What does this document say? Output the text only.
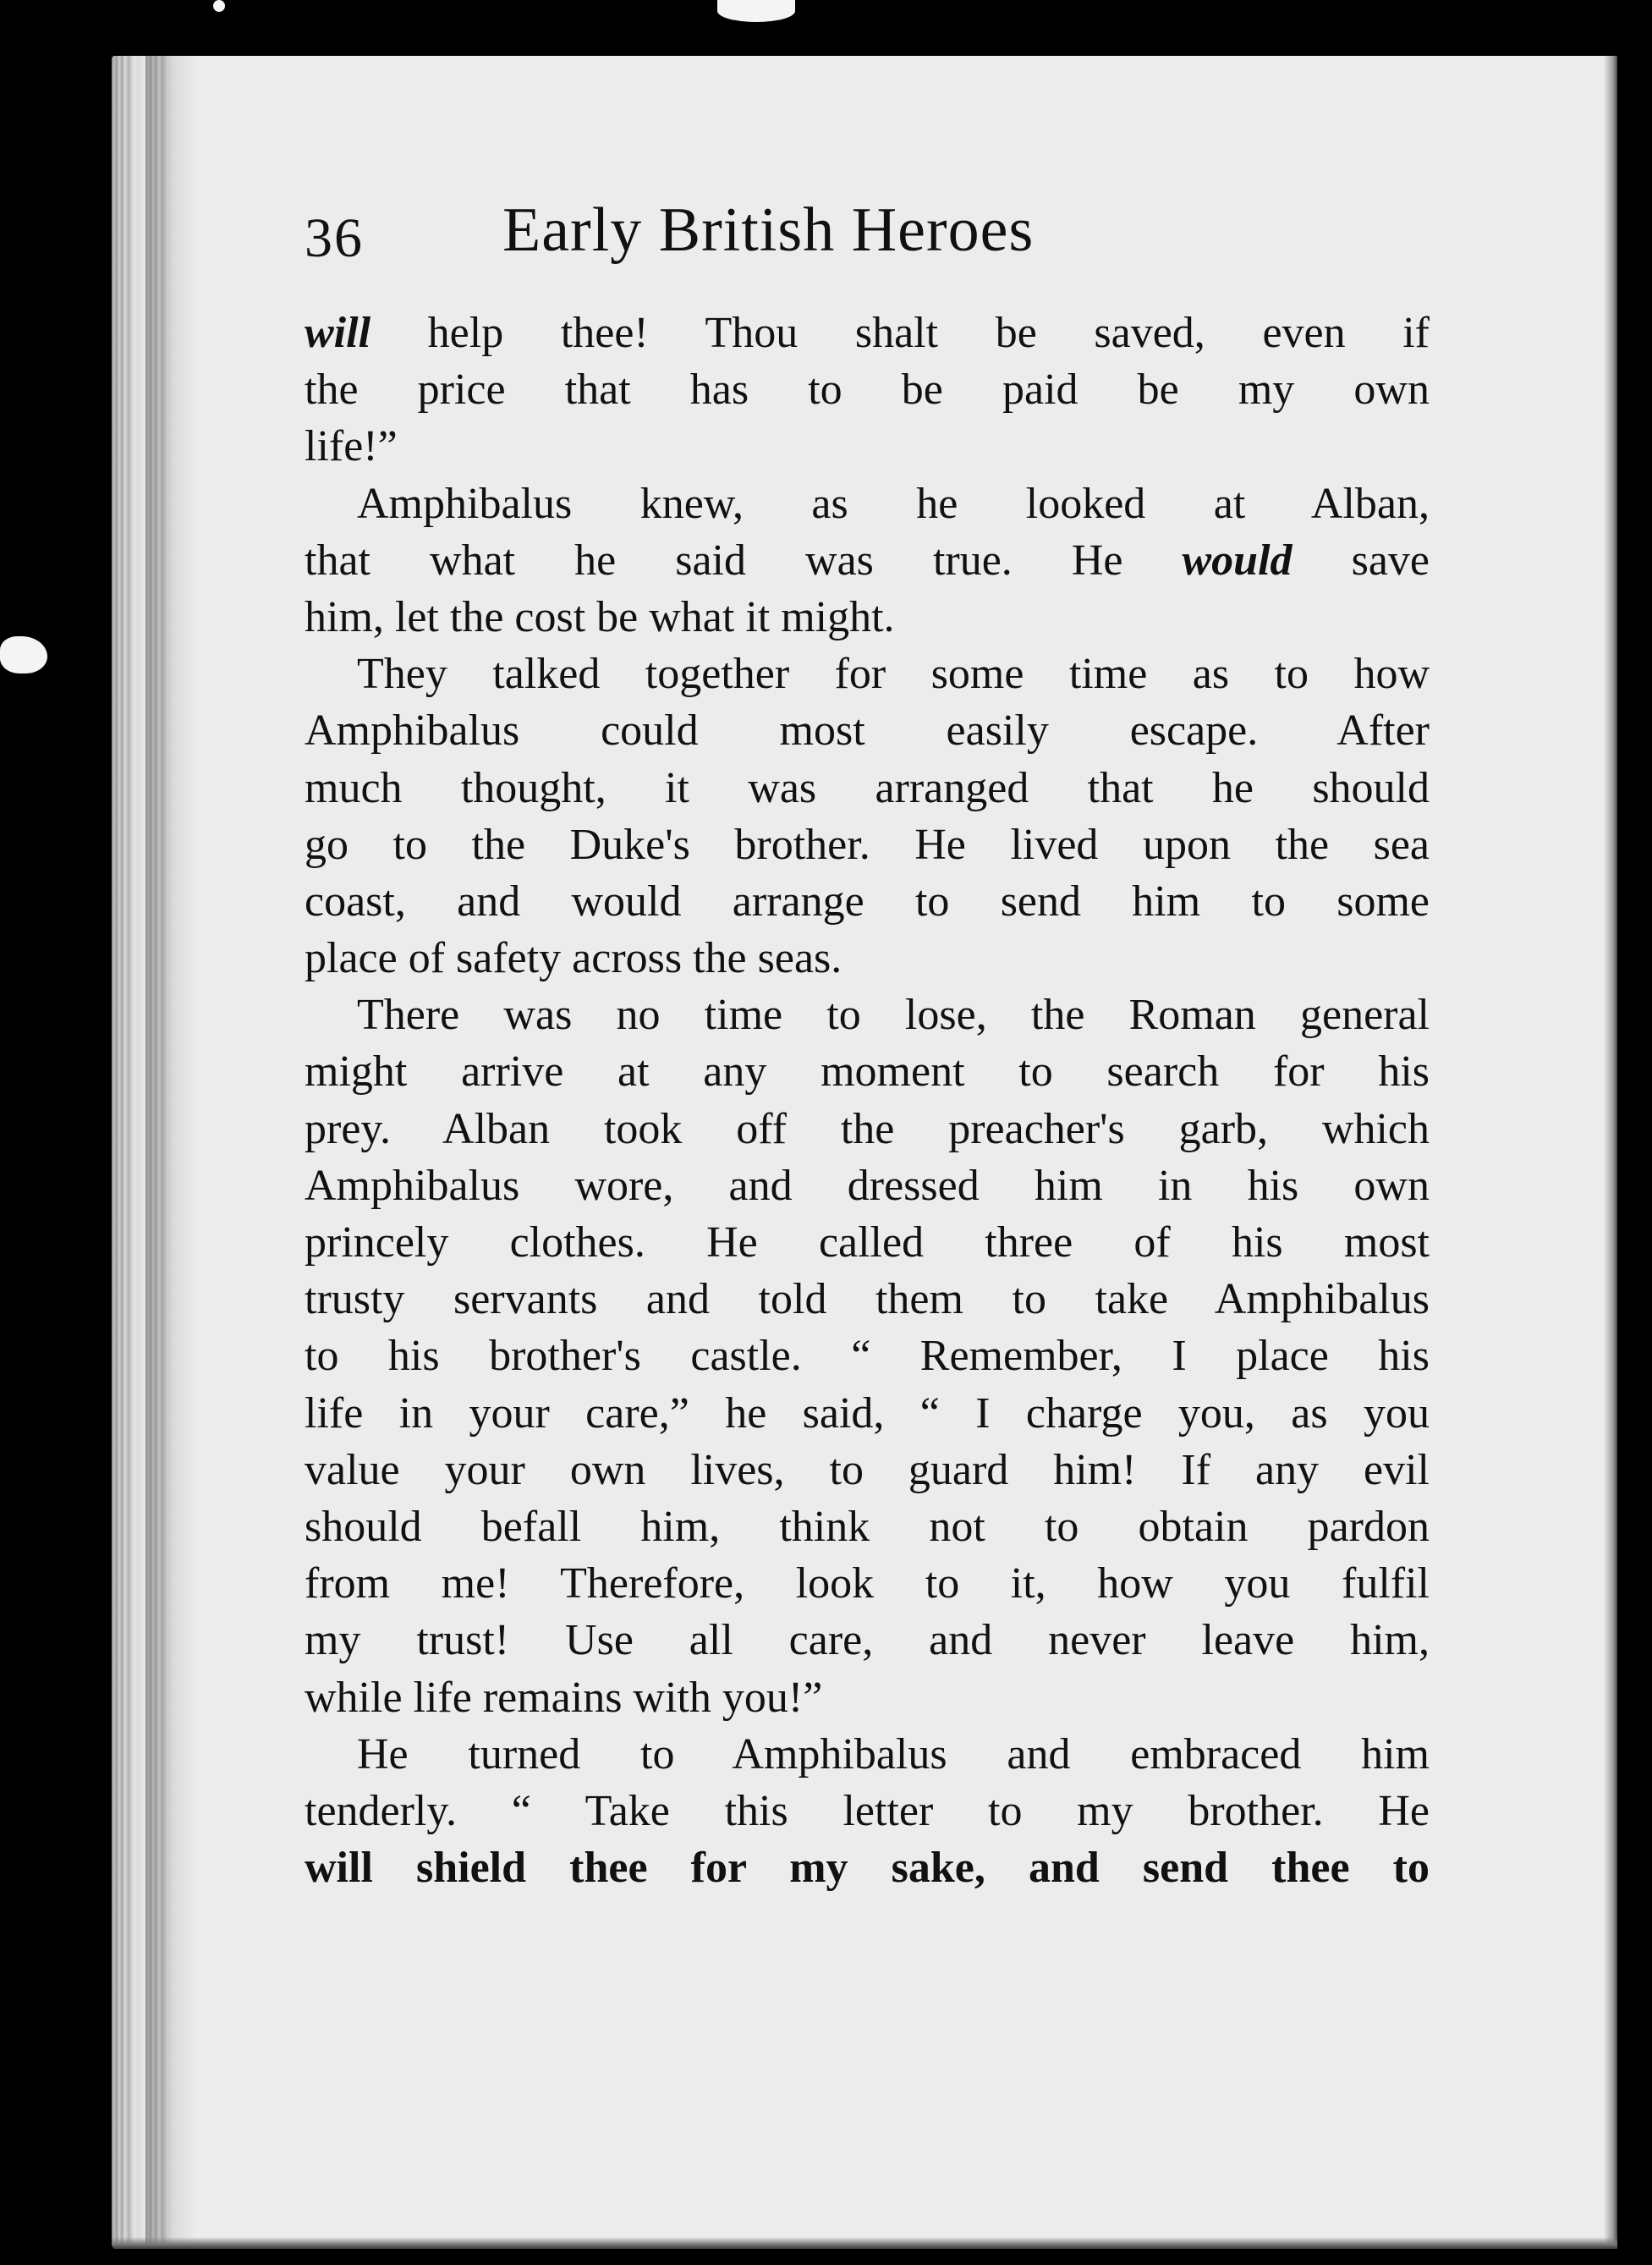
36 Early British Heroes
will help thee! Thou shalt be saved, even if
the price that has to be paid be my own
life!”
Amphibalus knew, as he looked at Alban,
that what he said was true. He would save
him, let the cost be what it might.
They talked together for some time as to how
Amphibalus could most easily escape. After
much thought, it was arranged that he should
go to the Duke's brother. He lived upon the sea
coast, and would arrange to send him to some
place of safety across the seas.
There was no time to lose, the Roman general
might arrive at any moment to search for his
prey. Alban took off the preacher's garb, which
Amphibalus wore, and dressed him in his own
princely clothes. He called three of his most
trusty servants and told them to take Amphibalus
to his brother's castle. “ Remember, I place his
life in your care,” he said, “ I charge you, as you
value your own lives, to guard him! If any evil
should befall him, think not to obtain pardon
from me! Therefore, look to it, how you fulfil
my trust! Use all care, and never leave him,
while life remains with you!”
He turned to Amphibalus and embraced him
tenderly. “ Take this letter to my brother. He
will shield thee for my sake, and send thee to
